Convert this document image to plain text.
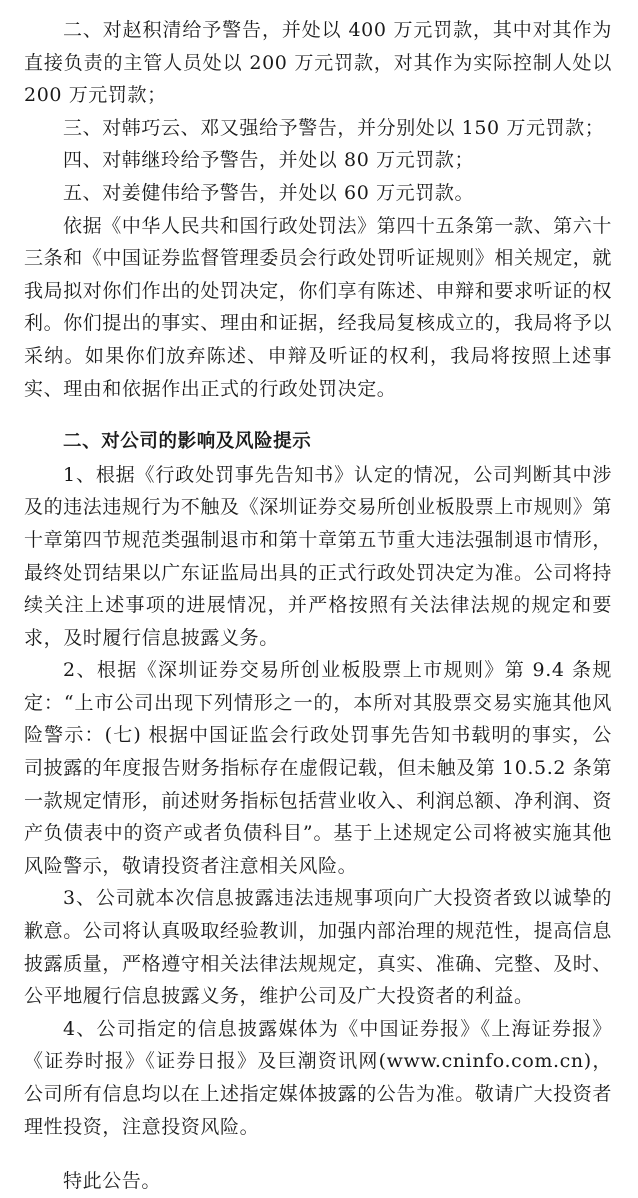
二、对赵积清给予警告，并处以 400 万元罚款，其中对其作为直接负责的主管人员处以 200 万元罚款，对其作为实际控制人处以 200 万元罚款；

三、对韩巧云、邓又强给予警告，并分别处以 150 万元罚款；

四、对韩继玲给予警告，并处以 80 万元罚款；

五、对姜健伟给予警告，并处以 60 万元罚款。

依据《中华人民共和国行政处罚法》第四十五条第一款、第六十三条和《中国证券监督管理委员会行政处罚听证规则》相关规定，就我局拟对你们作出的处罚决定，你们享有陈述、申辩和要求听证的权利。你们提出的事实、理由和证据，经我局复核成立的，我局将予以采纳。如果你们放弃陈述、申辩及听证的权利，我局将按照上述事实、理由和依据作出正式的行政处罚决定。

二、对公司的影响及风险提示

1、根据《行政处罚事先告知书》认定的情况，公司判断其中涉及的违法违规行为不触及《深圳证券交易所创业板股票上市规则》第十章第四节规范类强制退市和第十章第五节重大违法强制退市情形，最终处罚结果以广东证监局出具的正式行政处罚决定为准。公司将持续关注上述事项的进展情况，并严格按照有关法律法规的规定和要求，及时履行信息披露义务。

2、根据《深圳证券交易所创业板股票上市规则》第 9.4 条规定：“上市公司出现下列情形之一的，本所对其股票交易实施其他风险警示：(七) 根据中国证监会行政处罚事先告知书载明的事实，公司披露的年度报告财务指标存在虚假记载，但未触及第 10.5.2 条第一款规定情形，前述财务指标包括营业收入、利润总额、净利润、资产负债表中的资产或者负债科目”。基于上述规定公司将被实施其他风险警示，敬请投资者注意相关风险。

3、公司就本次信息披露违法违规事项向广大投资者致以诚挚的歉意。公司将认真吸取经验教训，加强内部治理的规范性，提高信息披露质量，严格遵守相关法律法规规定，真实、准确、完整、及时、公平地履行信息披露义务，维护公司及广大投资者的利益。

4、公司指定的信息披露媒体为《中国证券报》《上海证券报》《证券时报》《证券日报》及巨潮资讯网(www.cninfo.com.cn)，公司所有信息均以在上述指定媒体披露的公告为准。敬请广大投资者理性投资，注意投资风险。

特此公告。
